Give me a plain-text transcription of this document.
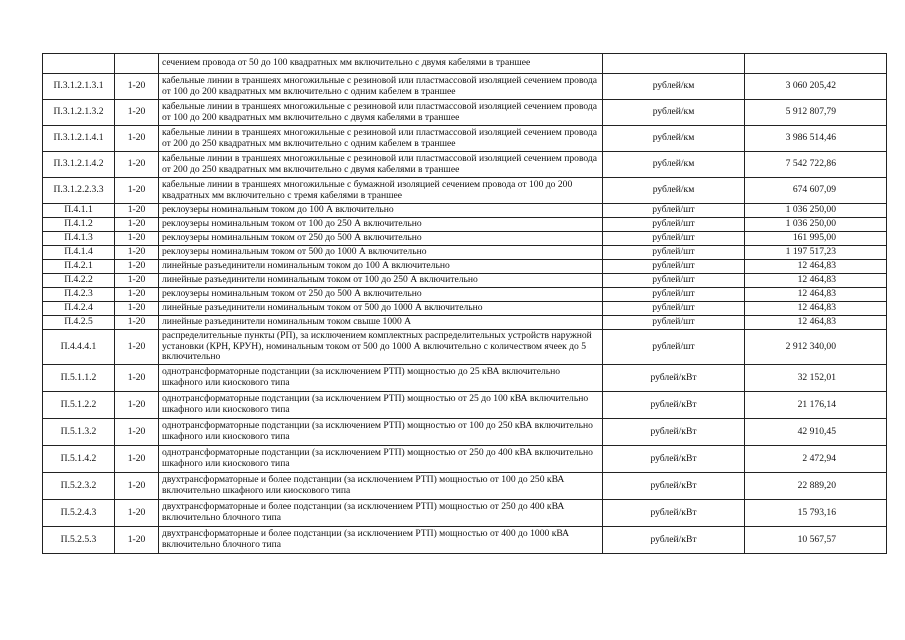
		сечением провода от 50 до 100 квадратных мм включительно с двумя кабелями в траншее		
П.3.1.2.1.3.1	1-20	кабельные линии в траншеях многожильные с резиновой или пластмассовой изоляцией сечением провода от 100 до 200 квадратных мм включительно с одним кабелем в траншее	рублей/км	3 060 205,42
П.3.1.2.1.3.2	1-20	кабельные линии в траншеях многожильные с резиновой или пластмассовой изоляцией сечением провода от 100 до 200 квадратных мм включительно с двумя кабелями в траншее	рублей/км	5 912 807,79
П.3.1.2.1.4.1	1-20	кабельные линии в траншеях многожильные с резиновой или пластмассовой изоляцией сечением провода от 200 до 250 квадратных мм включительно с одним кабелем в траншее	рублей/км	3 986 514,46
П.3.1.2.1.4.2	1-20	кабельные линии в траншеях многожильные с резиновой или пластмассовой изоляцией сечением провода от 200 до 250 квадратных мм включительно с двумя кабелями в траншее	рублей/км	7 542 722,86
П.3.1.2.2.3.3	1-20	кабельные линии в траншеях многожильные с бумажной изоляцией сечением провода от 100 до 200 квадратных мм включительно с тремя кабелями в траншее	рублей/км	674 607,09
П.4.1.1	1-20	реклоузеры номинальным током до 100 А включительно	рублей/шт	1 036 250,00
П.4.1.2	1-20	реклоузеры номинальным током от 100 до 250 А включительно	рублей/шт	1 036 250,00
П.4.1.3	1-20	реклоузеры номинальным током от 250 до 500 А включительно	рублей/шт	161 995,00
П.4.1.4	1-20	реклоузеры номинальным током от 500 до 1000 А включительно	рублей/шт	1 197 517,23
П.4.2.1	1-20	линейные разъединители номинальным током до 100 А включительно	рублей/шт	12 464,83
П.4.2.2	1-20	линейные разъединители номинальным током от 100 до 250 А включительно	рублей/шт	12 464,83
П.4.2.3	1-20	реклоузеры номинальным током от 250 до 500 А включительно	рублей/шт	12 464,83
П.4.2.4	1-20	линейные разъединители номинальным током от 500 до 1000 А включительно	рублей/шт	12 464,83
П.4.2.5	1-20	линейные разъединители номинальным током свыше 1000 А	рублей/шт	12 464,83
П.4.4.4.1	1-20	распределительные пункты (РП), за исключением комплектных распределительных устройств наружной установки (КРН, КРУН), номинальным током от 500 до 1000 А включительно с количеством ячеек до 5 включительно	рублей/шт	2 912 340,00
П.5.1.1.2	1-20	однотрансформаторные подстанции (за исключением РТП) мощностью до 25 кВА включительно шкафного или киоскового типа	рублей/кВт	32 152,01
П.5.1.2.2	1-20	однотрансформаторные подстанции (за исключением РТП) мощностью от 25 до 100 кВА включительно шкафного или киоскового типа	рублей/кВт	21 176,14
П.5.1.3.2	1-20	однотрансформаторные подстанции (за исключением РТП) мощностью от 100 до 250 кВА включительно шкафного или киоскового типа	рублей/кВт	42 910,45
П.5.1.4.2	1-20	однотрансформаторные подстанции (за исключением РТП) мощностью от 250 до 400 кВА включительно шкафного или киоскового типа	рублей/кВт	2 472,94
П.5.2.3.2	1-20	двухтрансформаторные и более подстанции (за исключением РТП) мощностью от 100 до 250 кВА включительно шкафного или киоскового типа	рублей/кВт	22 889,20
П.5.2.4.3	1-20	двухтрансформаторные и более подстанции (за исключением РТП) мощностью от 250 до 400 кВА включительно блочного типа	рублей/кВт	15 793,16
П.5.2.5.3	1-20	двухтрансформаторные и более подстанции (за исключением РТП) мощностью от 400 до 1000 кВА включительно блочного типа	рублей/кВт	10 567,57
